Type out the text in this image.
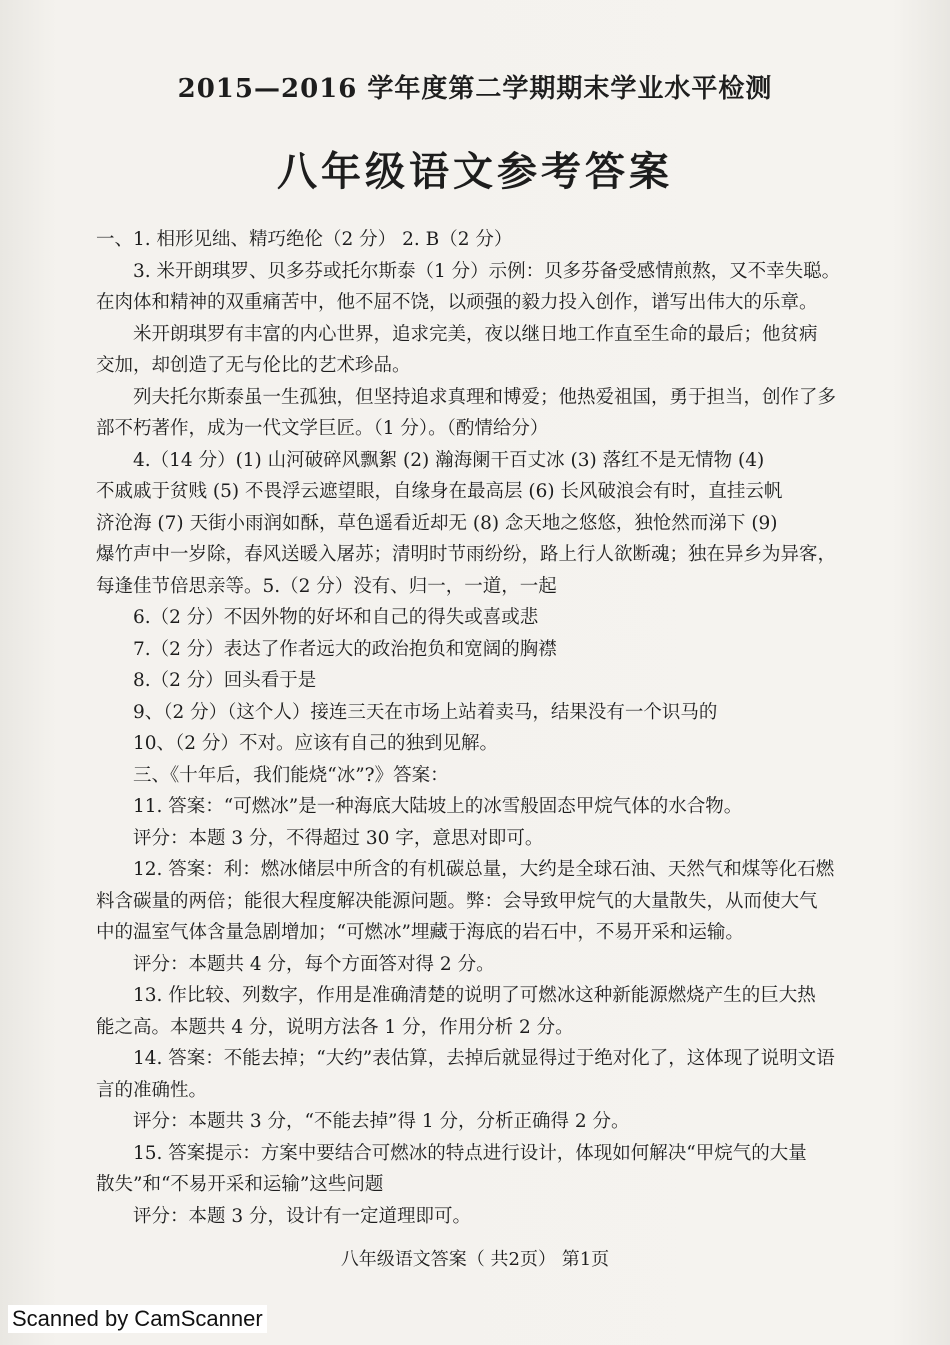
2015—2016 学年度第二学期期末学业水平检测
八年级语文参考答案
一、1. 相形见绌、精巧绝伦（2 分） 2. B（2 分）
3. 米开朗琪罗、贝多芬或托尔斯泰（1 分）示例：贝多芬备受感情煎熬，又不幸失聪。
在肉体和精神的双重痛苦中，他不屈不饶，以顽强的毅力投入创作，谱写出伟大的乐章。
米开朗琪罗有丰富的内心世界，追求完美，夜以继日地工作直至生命的最后；他贫病
交加，却创造了无与伦比的艺术珍品。
列夫托尔斯泰虽一生孤独，但坚持追求真理和博爱；他热爱祖国，勇于担当，创作了多
部不朽著作，成为一代文学巨匠。（1 分）。（酌情给分）
4.（14 分）(1) 山河破碎风飘絮 (2) 瀚海阑干百丈冰 (3) 落红不是无情物 (4)
不戚戚于贫贱 (5) 不畏浮云遮望眼，自缘身在最高层 (6) 长风破浪会有时，直挂云帆
济沧海 (7) 天街小雨润如酥，草色遥看近却无 (8) 念天地之悠悠，独怆然而涕下 (9)
爆竹声中一岁除，春风送暖入屠苏；清明时节雨纷纷，路上行人欲断魂；独在异乡为异客，
每逢佳节倍思亲等。5.（2 分）没有、归一，一道，一起
6.（2 分）不因外物的好坏和自己的得失或喜或悲
7.（2 分）表达了作者远大的政治抱负和宽阔的胸襟
8.（2 分）回头看于是
9、（2 分）（这个人）接连三天在市场上站着卖马，结果没有一个识马的
10、（2 分）不对。应该有自己的独到见解。
三、《十年后，我们能烧“冰”?》答案：
11. 答案：“可燃冰”是一种海底大陆坡上的冰雪般固态甲烷气体的水合物。
评分：本题 3 分，不得超过 30 字，意思对即可。
12. 答案：利：燃冰储层中所含的有机碳总量，大约是全球石油、天然气和煤等化石燃
料含碳量的两倍；能很大程度解决能源问题。弊：会导致甲烷气的大量散失，从而使大气
中的温室气体含量急剧增加；“可燃冰”埋藏于海底的岩石中，不易开采和运输。
评分：本题共 4 分，每个方面答对得 2 分。
13. 作比较、列数字，作用是准确清楚的说明了可燃冰这种新能源燃烧产生的巨大热
能之高。本题共 4 分，说明方法各 1 分，作用分析 2 分。
14. 答案：不能去掉；“大约”表估算，去掉后就显得过于绝对化了，这体现了说明文语
言的准确性。
评分：本题共 3 分，“不能去掉”得 1 分，分析正确得 2 分。
15. 答案提示：方案中要结合可燃冰的特点进行设计，体现如何解决“甲烷气的大量
散失”和“不易开采和运输”这些问题
评分：本题 3 分，设计有一定道理即可。
八年级语文答案（ 共2页） 第1页
Scanned by CamScanner
